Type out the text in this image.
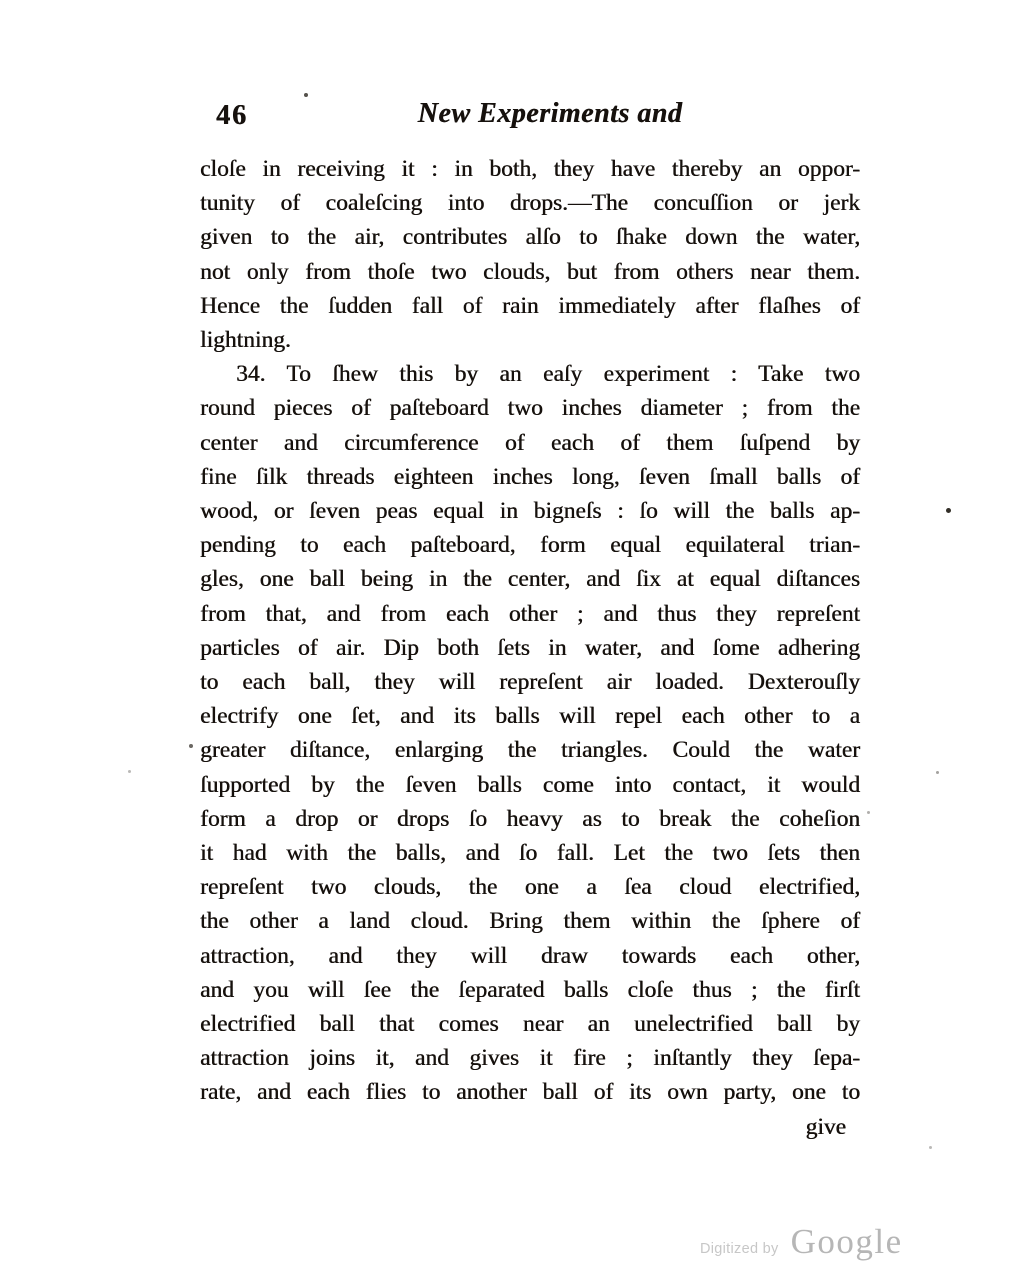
46	New Experiments and
cloſe in receiving it : in both, they have thereby an oppor-
tunity of coaleſcing into drops.—The concuſſion or jerk
given to the air, contributes alſo to ſhake down the water,
not only from thoſe two clouds, but from others near them.
Hence the ſudden fall of rain immediately after flaſhes of
lightning.
34. To ſhew this by an eaſy experiment : Take two
round pieces of paſteboard two inches diameter ; from the
center and circumference of each of them ſuſpend by
fine ſilk threads eighteen inches long, ſeven ſmall balls of
wood, or ſeven peas equal in bigneſs : ſo will the balls ap-
pending to each paſteboard, form equal equilateral trian-
gles, one ball being in the center, and ſix at equal diſtances
from that, and from each other ; and thus they repreſent
particles of air. Dip both ſets in water, and ſome adhering
to each ball, they will repreſent air loaded. Dexterouſly
electrify one ſet, and its balls will repel each other to a
greater diſtance, enlarging the triangles. Could the water
ſupported by the ſeven balls come into contact, it would
form a drop or drops ſo heavy as to break the coheſion
it had with the balls, and ſo fall. Let the two ſets then
repreſent two clouds, the one a ſea cloud electrified,
the other a land cloud. Bring them within the ſphere of
attraction, and they will draw towards each other,
and you will ſee the ſeparated balls cloſe thus ; the firſt
electrified ball that comes near an unelectrified ball by
attraction joins it, and gives it fire ; inſtantly they ſepa-
rate, and each flies to another ball of its own party, one to
give
Digitized by Google
